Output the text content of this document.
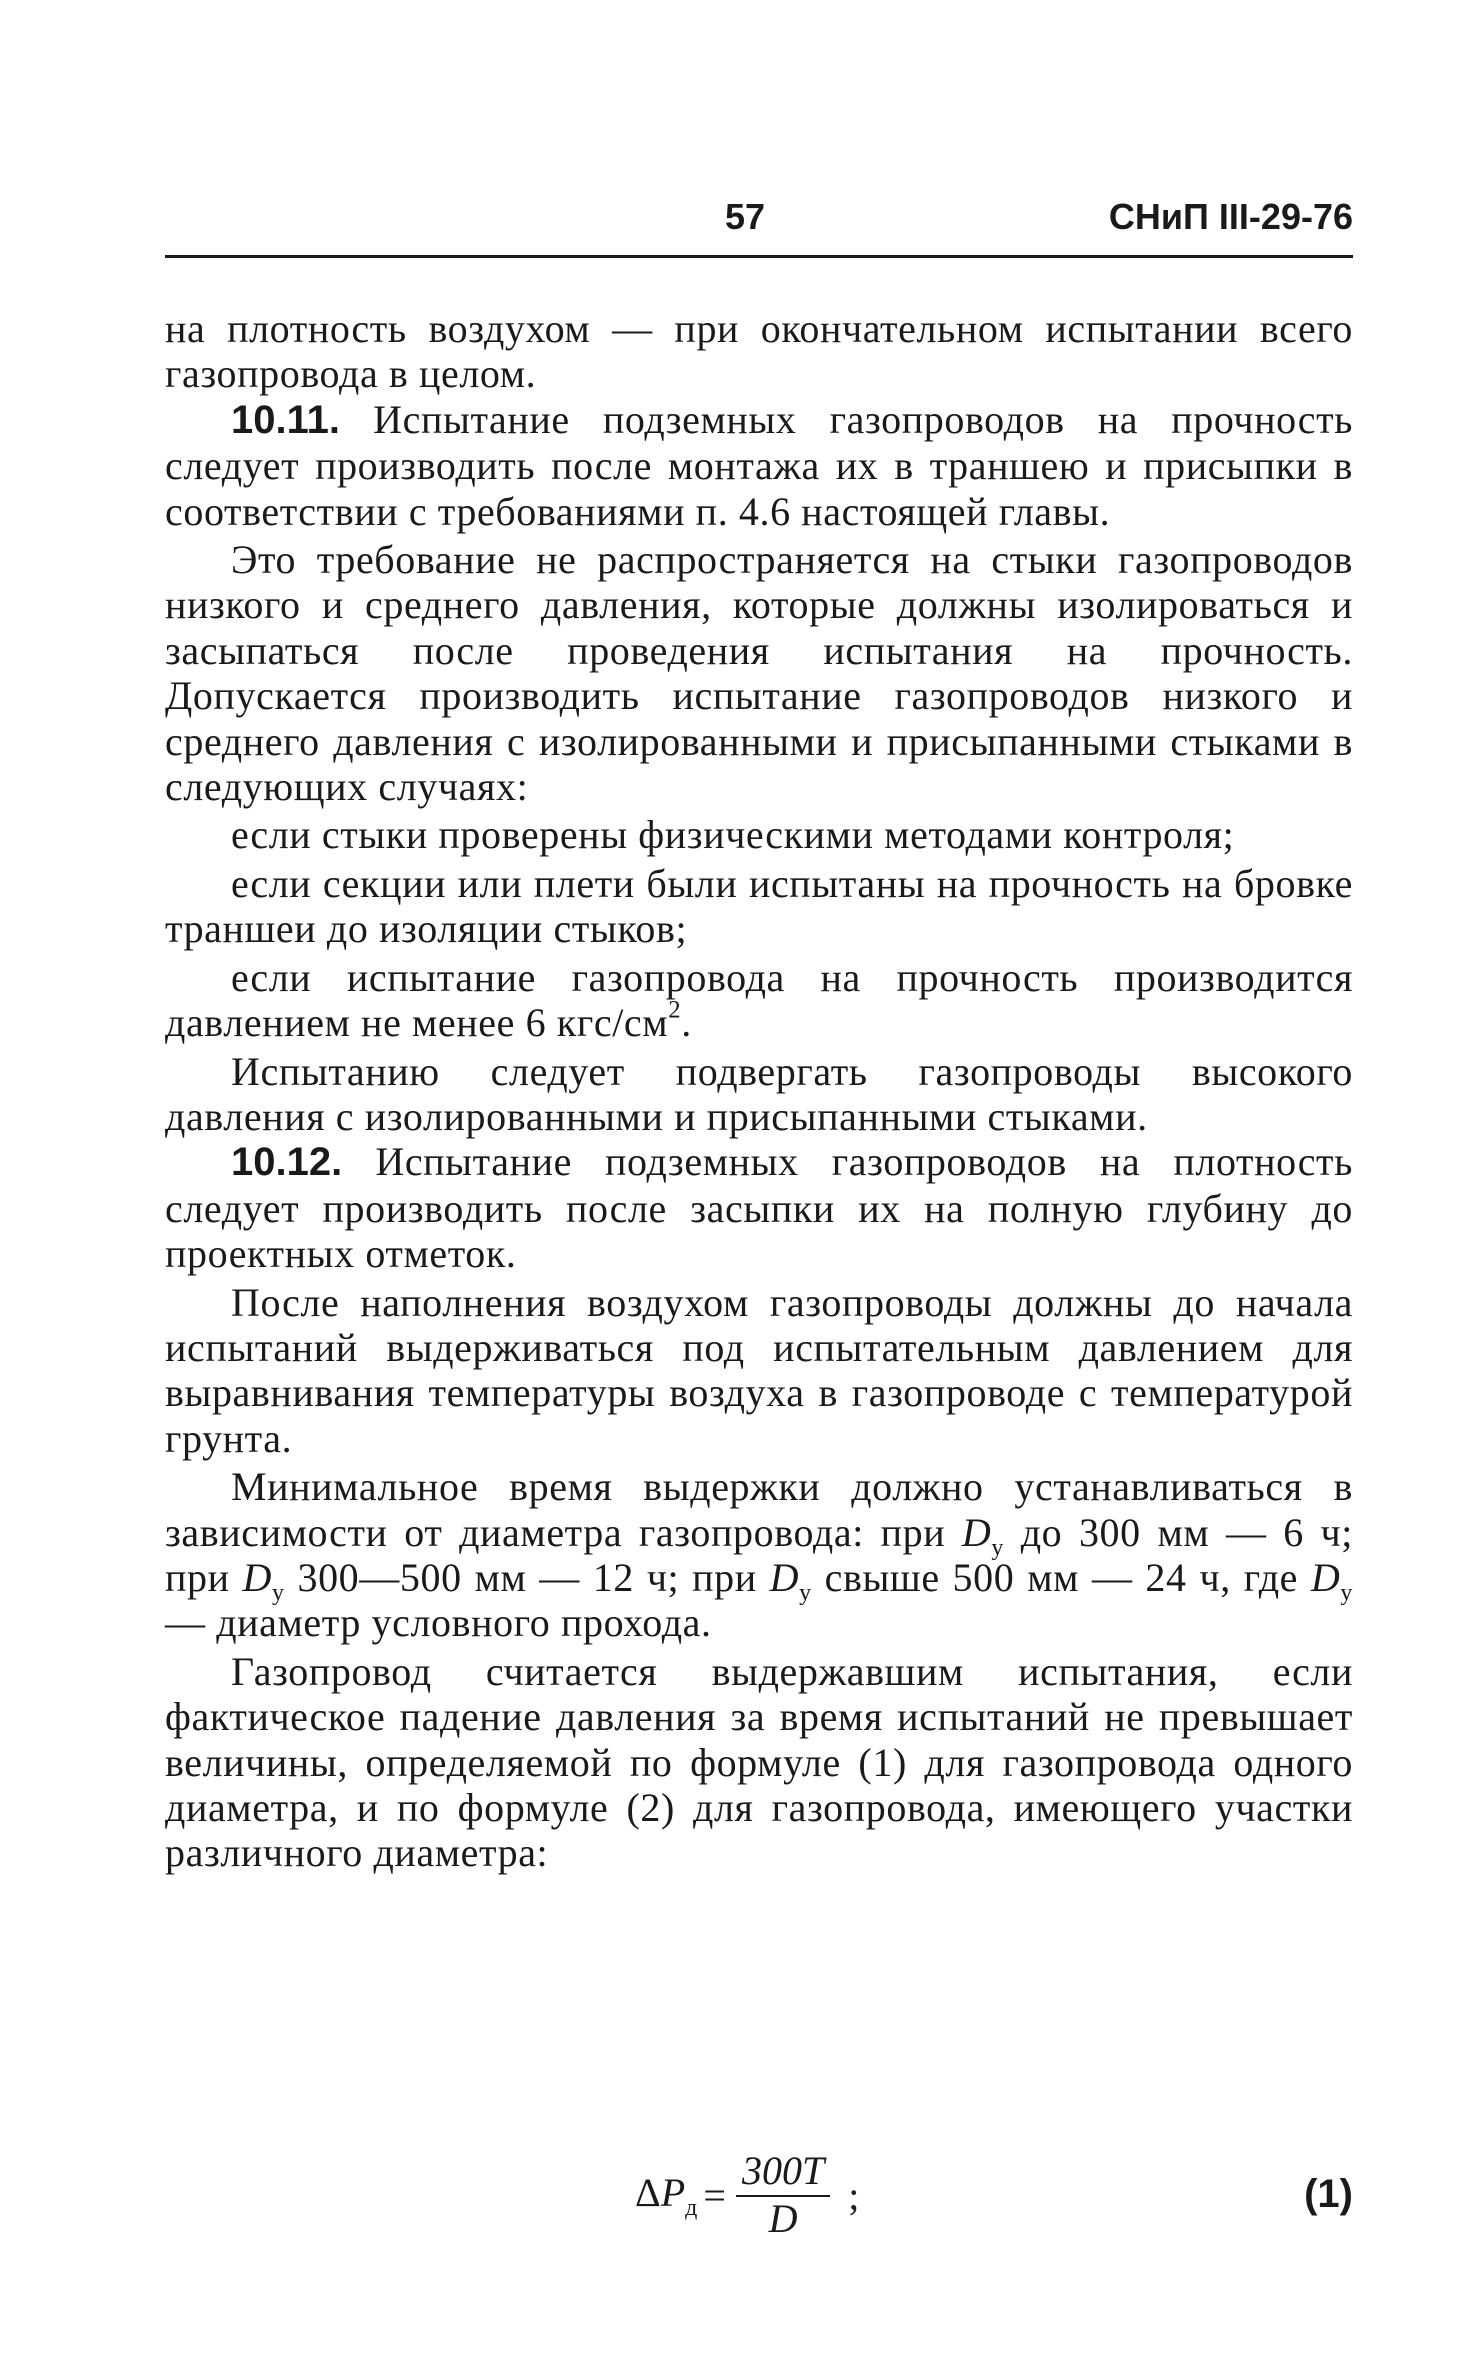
57	СНиП III-29-76

на плотность воздухом — при окончательном испытании всего газопровода в целом.

10.11. Испытание подземных газопроводов на прочность следует производить после монтажа их в траншею и присыпки в соответствии с требованиями п. 4.6 настоящей главы.

Это требование не распространяется на стыки газопроводов низкого и среднего давления, которые должны изолироваться и засыпаться после проведения испытания на прочность. Допускается производить испытание газопроводов низкого и среднего давления с изолированными и присыпанными стыками в следующих случаях:

если стыки проверены физическими методами контроля;

если секции или плети были испытаны на прочность на бровке траншеи до изоляции стыков;

если испытание газопровода на прочность производится давлением не менее 6 кгс/$см^2$.

Испытанию следует подвергать газопроводы высокого давления с изолированными и присыпанными стыками.

10.12. Испытание подземных газопроводов на плотность следует производить после засыпки их на полную глубину до проектных отметок.

После наполнения воздухом газопроводы должны до начала испытаний выдерживаться под испытательным давлением для выравнивания температуры воздуха в газопроводе с температурой грунта.

Минимальное время выдержки должно устанавливаться в зависимости от диаметра газопровода: при $D_у$ до 300 мм — 6 ч; при $D_у$ 300—500 мм — 12 ч; при $D_у$ свыше 500 мм — 24 ч, где $D_у$ — диаметр условного прохода.

Газопровод считается выдержавшим испытания, если фактическое падение давления за время испытаний не превышает величины, определяемой по формуле (1) для газопровода одного диаметра, и по формуле (2) для газопровода, имеющего участки различного диаметра:

$\Delta P_д = \frac{300T}{D}$ ;	(1)
